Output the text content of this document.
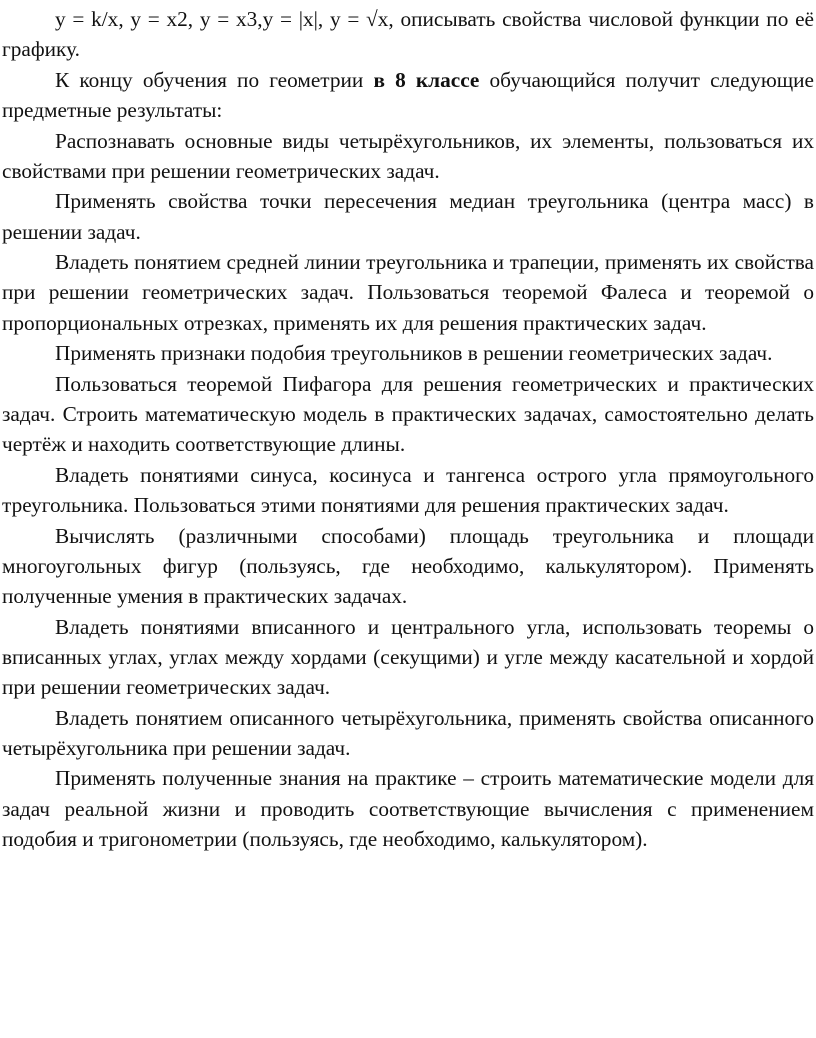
y = k/x, y = x2, y = x3,y = |x|, y = √x, описывать свойства числовой функции по её графику.

К концу обучения по геометрии в 8 классе обучающийся получит следующие предметные результаты:

Распознавать основные виды четырёхугольников, их элементы, пользоваться их свойствами при решении геометрических задач.

Применять свойства точки пересечения медиан треугольника (центра масс) в решении задач.

Владеть понятием средней линии треугольника и трапеции, применять их свойства при решении геометрических задач. Пользоваться теоремой Фалеса и теоремой о пропорциональных отрезках, применять их для решения практических задач.

Применять признаки подобия треугольников в решении геометрических задач.

Пользоваться теоремой Пифагора для решения геометрических и практических задач. Строить математическую модель в практических задачах, самостоятельно делать чертёж и находить соответствующие длины.

Владеть понятиями синуса, косинуса и тангенса острого угла прямоугольного треугольника. Пользоваться этими понятиями для решения практических задач.

Вычислять (различными способами) площадь треугольника и площади многоугольных фигур (пользуясь, где необходимо, калькулятором). Применять полученные умения в практических задачах.

Владеть понятиями вписанного и центрального угла, использовать теоремы о вписанных углах, углах между хордами (секущими) и угле между касательной и хордой при решении геометрических задач.

Владеть понятием описанного четырёхугольника, применять свойства описанного четырёхугольника при решении задач.

Применять полученные знания на практике – строить математические модели для задач реальной жизни и проводить соответствующие вычисления с применением подобия и тригонометрии (пользуясь, где необходимо, калькулятором).
